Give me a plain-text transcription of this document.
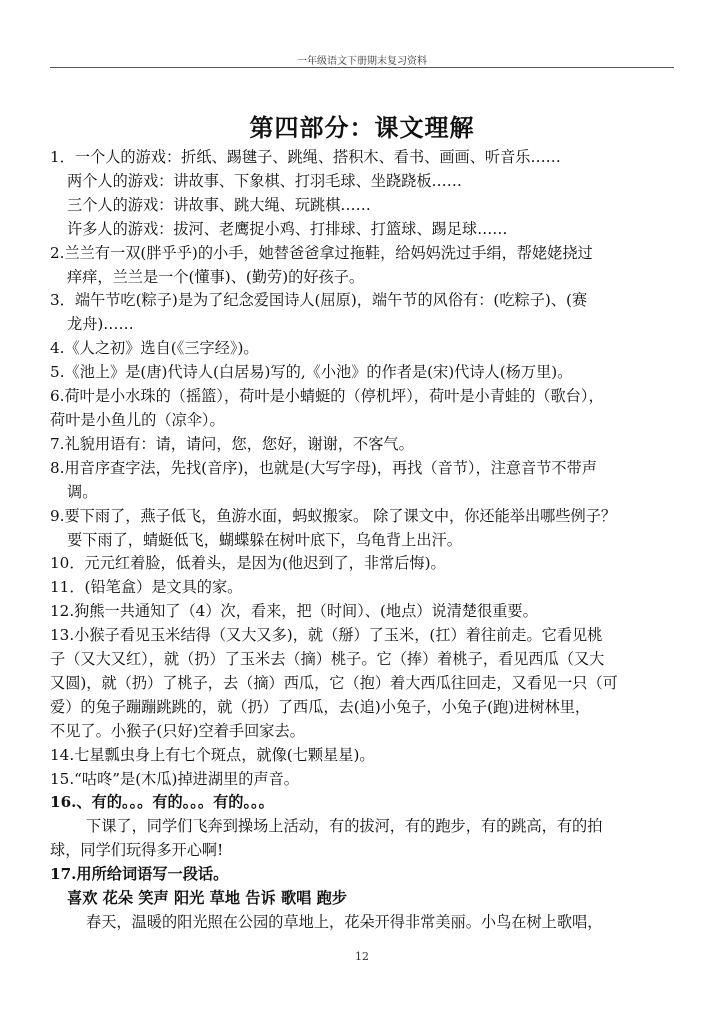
一年级语文下册期末复习资料
第四部分：课文理解
1．一个人的游戏：折纸、踢毽子、跳绳、搭积木、看书、画画、听音乐……
两个人的游戏：讲故事、下象棋、打羽毛球、坐跷跷板……
三个人的游戏：讲故事、跳大绳、玩跳棋……
许多人的游戏：拔河、老鹰捉小鸡、打排球、打篮球、踢足球……
2.兰兰有一双(胖乎乎)的小手，她替爸爸拿过拖鞋，给妈妈洗过手绢，帮姥姥挠过
痒痒，兰兰是一个(懂事)、(勤劳)的好孩子。
3．端午节吃(粽子)是为了纪念爱国诗人(屈原)，端午节的风俗有：(吃粽子)、(赛
龙舟)……
4.《人之初》选自(《三字经》)。
5.《池上》是(唐)代诗人(白居易)写的,《小池》的作者是(宋)代诗人(杨万里)。
6.荷叶是小水珠的（摇篮），荷叶是小蜻蜓的（停机坪），荷叶是小青蛙的（歌台），
荷叶是小鱼儿的（凉伞）。
7.礼貌用语有：请，请问，您，您好，谢谢，不客气。
8.用音序查字法，先找(音序)，也就是(大写字母)，再找（音节），注意音节不带声
调。
9.要下雨了，燕子低飞，鱼游水面，蚂蚁搬家。 除了课文中，你还能举出哪些例子？
要下雨了，蜻蜓低飞，蝴蝶躲在树叶底下，乌龟背上出汗。
10．元元红着脸，低着头，是因为(他迟到了，非常后悔)。
11．(铅笔盒）是文具的家。
12.狗熊一共通知了（4）次，看来，把（时间）、(地点）说清楚很重要。
13.小猴子看见玉米结得（又大又多)，就（掰）了玉米，(扛）着往前走。它看见桃
子（又大又红），就（扔）了玉米去（摘）桃子。它（捧）着桃子，看见西瓜（又大
又圆)，就（扔）了桃子，去（摘）西瓜，它（抱）着大西瓜往回走，又看见一只（可
爱）的兔子蹦蹦跳跳的，就（扔）了西瓜，去(追)小兔子，小兔子(跑)进树林里，
不见了。小猴子(只好)空着手回家去。
14.七星瓢虫身上有七个斑点，就像(七颗星星)。
15.“咕咚”是(木瓜)掉进湖里的声音。
16.、有的。。。有的。。。有的。。。
下课了，同学们飞奔到操场上活动，有的拔河，有的跑步，有的跳高，有的拍
球，同学们玩得多开心啊!
17.用所给词语写一段话。
喜欢 花朵 笑声 阳光 草地 告诉 歌唱 跑步
春天，温暖的阳光照在公园的草地上，花朵开得非常美丽。小鸟在树上歌唱，
12
